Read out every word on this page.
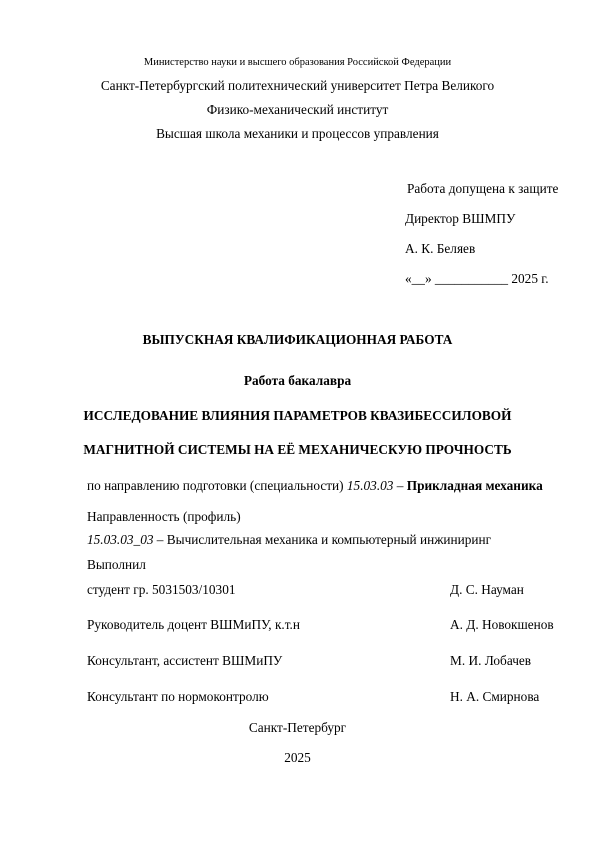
Министерство науки и высшего образования Российской Федерации
Санкт-Петербургский политехнический университет Петра Великого
Физико-механический институт
Высшая школа механики и процессов управления
Работа допущена к защите
Директор ВШМПУ
А. К. Беляев
«__» ___________ 2025 г.
ВЫПУСКНАЯ КВАЛИФИКАЦИОННАЯ РАБОТА
Работа бакалавра
ИССЛЕДОВАНИЕ ВЛИЯНИЯ ПАРАМЕТРОВ КВАЗИБЕССИЛОВОЙ
МАГНИТНОЙ СИСТЕМЫ НА ЕЁ МЕХАНИЧЕСКУЮ ПРОЧНОСТЬ
по направлению подготовки (специальности) 15.03.03 – Прикладная механика
Направленность (профиль)
15.03.03_03 – Вычислительная механика и компьютерный инжиниринг
Выполнил
студент гр. 5031503/10301	Д. С. Науман
Руководитель доцент ВШМиПУ, к.т.н	А. Д. Новокшенов
Консультант, ассистент ВШМиПУ	М. И. Лобачев
Консультант по нормоконтролю	Н. А. Смирнова
Санкт-Петербург
2025
